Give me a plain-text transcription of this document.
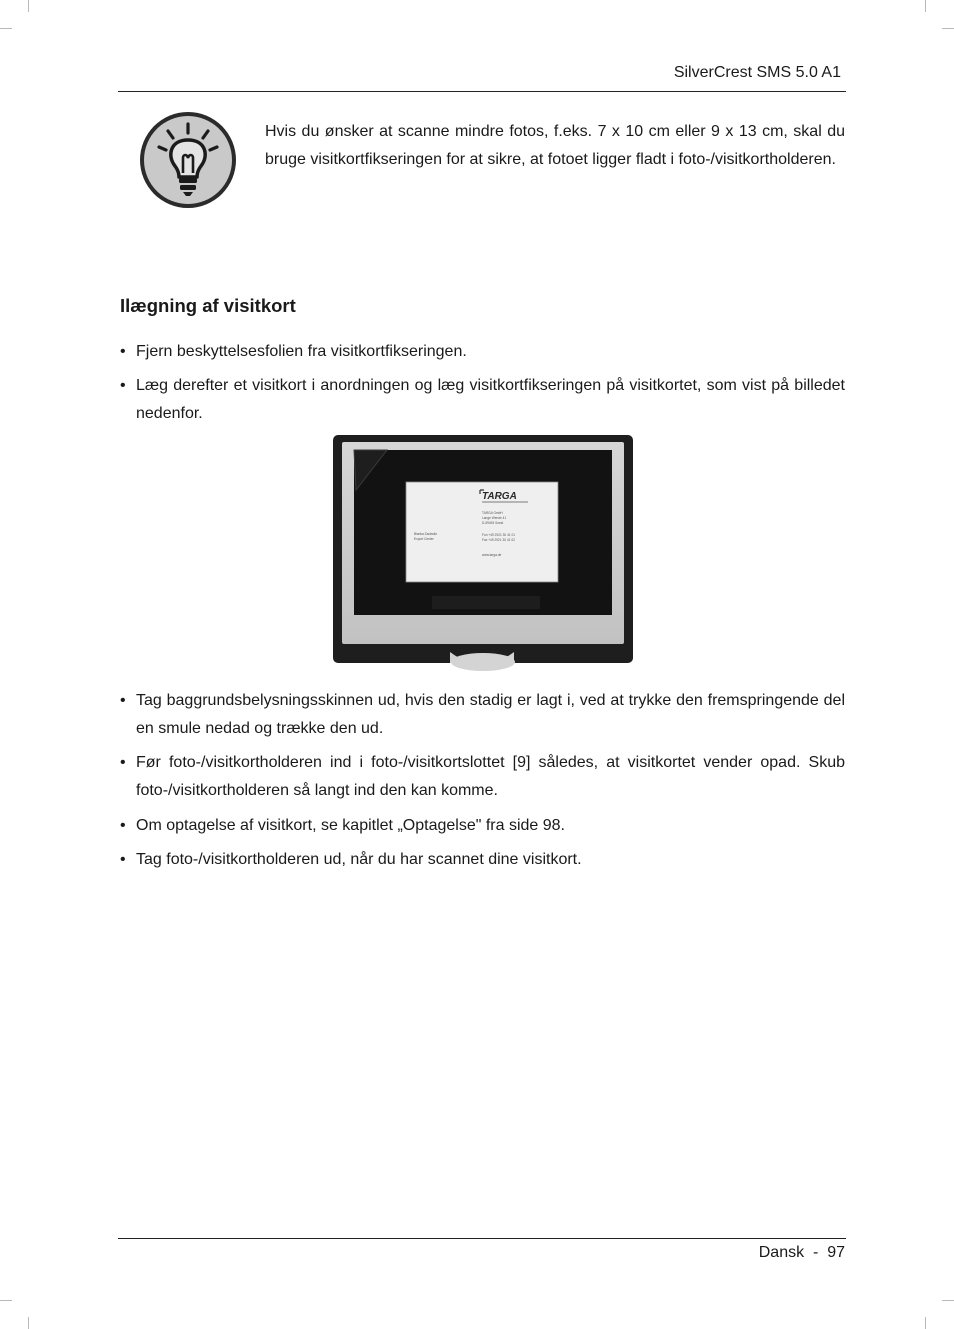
SilverCrest SMS 5.0 A1
Hvis du ønsker at scanne mindre fotos, f.eks. 7 x 10 cm eller 9 x 13 cm, skal du bruge visitkortfikseringen for at sikre, at fotoet ligger fladt i foto-/visitkortholderen.
Ilægning af visitkort
• Fjern beskyttelsesfolien fra visitkortfikseringen.
• Læg derefter et visitkort i anordningen og læg visitkortfikseringen på visitkortet, som vist på billedet nedenfor.
TARGA
TARGA GmbH
Lange Wende 41
D-59494 Soest
Fon +49 2921 30 41 01
Fax +49 2921 30 41 02
www.targa.de
Bianka Zackwitz
Export Center
• Tag baggrundsbelysningsskinnen ud, hvis den stadig er lagt i, ved at trykke den fremspringende del en smule nedad og trække den ud.
• Før foto-/visitkortholderen ind i foto-/visitkortslottet [9] således, at visitkortet vender opad. Skub foto-/visitkortholderen så langt ind den kan komme.
• Om optagelse af visitkort, se kapitlet „Optagelse" fra side 98.
• Tag foto-/visitkortholderen ud, når du har scannet dine visitkort.
Dansk  -  97
